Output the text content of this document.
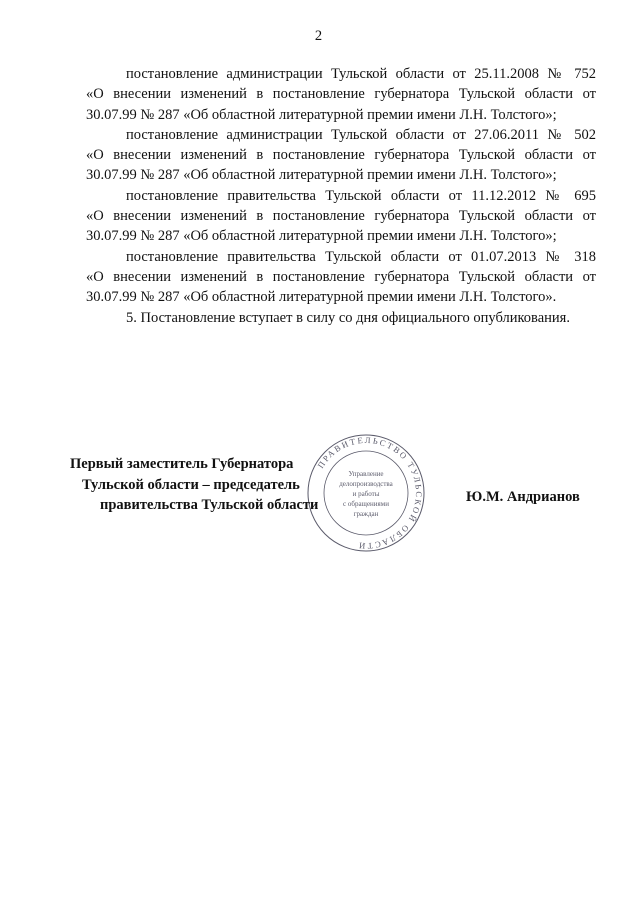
2

постановление администрации Тульской области от 25.11.2008 № 752

«О внесении изменений в постановление губернатора Тульской области от 30.07.99 № 287 «Об областной литературной премии имени Л.Н. Толстого»;

постановление администрации Тульской области от 27.06.2011 № 502

«О внесении изменений в постановление губернатора Тульской области от 30.07.99 № 287 «Об областной литературной премии имени Л.Н. Толстого»;

постановление правительства Тульской области от 11.12.2012 № 695

«О внесении изменений в постановление губернатора Тульской области от 30.07.99 № 287 «Об областной литературной премии имени Л.Н. Толстого»;

постановление правительства Тульской области от 01.07.2013 № 318

«О внесении изменений в постановление губернатора Тульской области от 30.07.99 № 287 «Об областной литературной премии имени Л.Н. Толстого».

5. Постановление вступает в силу со дня официального опубликования.

ПРАВИТЕЛЬСТВО ТУЛЬСКОЙ ОБЛАСТИ
Управление
делопроизводства
и работы
с обращениями
граждан
Первый заместитель Губернатора
Тульской области – председатель
правительства Тульской области	Ю.М. Андрианов
